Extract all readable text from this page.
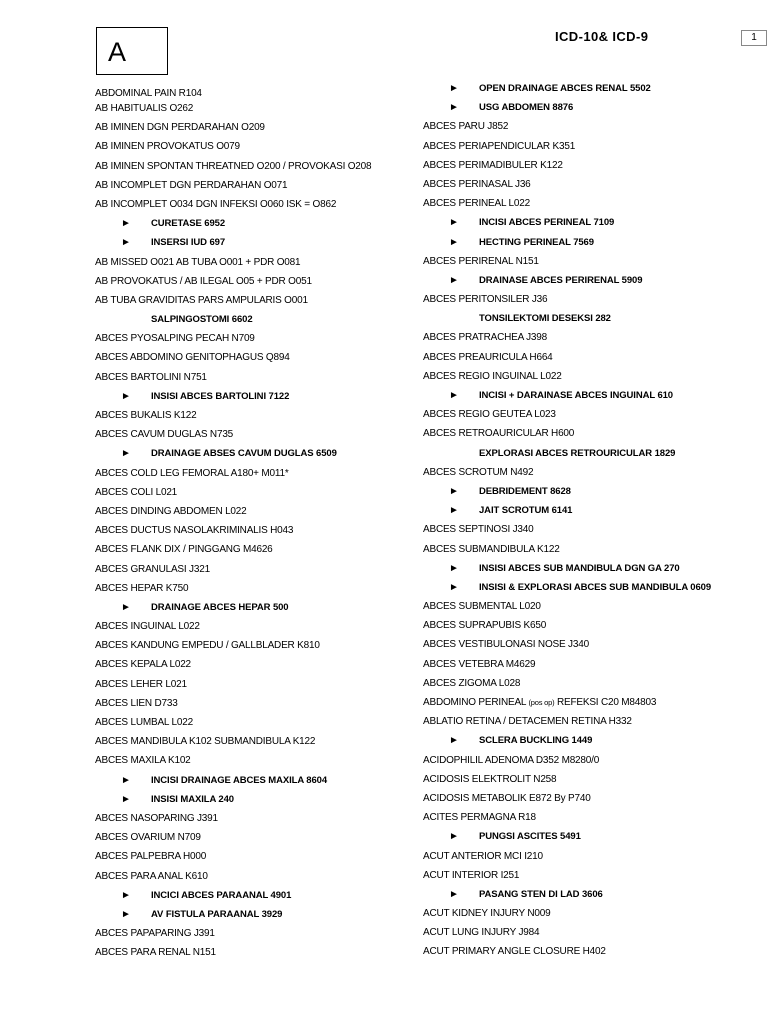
A
ICD-10& ICD-9	1
ABDOMINAL PAIN R104
AB HABITUALIS O262
AB IMINEN DGN PERDARAHAN O209
AB IMINEN PROVOKATUS O079
AB IMINEN SPONTAN THREATNED O200 / PROVOKASI O208
AB INCOMPLET DGN PERDARAHAN O071
AB INCOMPLET O034 DGN INFEKSI O060 ISK = O862
► CURETASE 6952
► INSERSI IUD 697
AB MISSED O021 AB TUBA O001 + PDR O081
AB PROVOKATUS / AB ILEGAL O05 + PDR O051
AB TUBA GRAVIDITAS PARS AMPULARIS O001
SALPINGOSTOMI 6602
ABCES PYOSALPING PECAH N709
ABCES ABDOMINO GENITOPHAGUS Q894
ABCES BARTOLINI N751
► INSISI ABCES BARTOLINI 7122
ABCES BUKALIS K122
ABCES CAVUM DUGLAS N735
► DRAINAGE ABSES CAVUM DUGLAS 6509
ABCES COLD LEG FEMORAL A180+ M011*
ABCES COLI L021
ABCES DINDING ABDOMEN L022
ABCES DUCTUS NASOLAKRIMINALIS H043
ABCES FLANK DIX / PINGGANG M4626
ABCES GRANULASI J321
ABCES HEPAR K750
► DRAINAGE ABCES HEPAR 500
ABCES INGUINAL L022
ABCES KANDUNG EMPEDU / GALLBLADER K810
ABCES KEPALA L022
ABCES LEHER L021
ABCES LIEN D733
ABCES LUMBAL L022
ABCES MANDIBULA K102 SUBMANDIBULA K122
ABCES MAXILA K102
► INCISI DRAINAGE ABCES MAXILA 8604
► INSISI MAXILA 240
ABCES NASOPARING J391
ABCES OVARIUM N709
ABCES PALPEBRA H000
ABCES PARA ANAL K610
► INCICI ABCES PARAANAL 4901
► AV FISTULA PARAANAL 3929
ABCES PAPAPARING J391
ABCES PARA RENAL N151
► OPEN DRAINAGE ABCES RENAL 5502
► USG ABDOMEN 8876
ABCES PARU J852
ABCES PERIAPENDICULAR K351
ABCES PERIMADIBULER K122
ABCES PERINASAL J36
ABCES PERINEAL L022
► INCISI ABCES PERINEAL 7109
► HECTING PERINEAL 7569
ABCES PERIRENAL N151
► DRAINASE ABCES PERIRENAL 5909
ABCES PERITONSILER J36
TONSILEKTOMI DESEKSI 282
ABCES PRATRACHEA J398
ABCES PREAURICULA H664
ABCES REGIO INGUINAL L022
► INCISI + DARAINASE ABCES INGUINAL 610
ABCES REGIO GEUTEA L023
ABCES RETROAURICULAR H600
EXPLORASI ABCES RETROURICULAR 1829
ABCES SCROTUM N492
► DEBRIDEMENT 8628
► JAIT SCROTUM 6141
ABCES SEPTINOSI J340
ABCES SUBMANDIBULA K122
► INSISI ABCES SUB MANDIBULA DGN GA 270
► INSISI & EXPLORASI ABCES SUB MANDIBULA 0609
ABCES SUBMENTAL L020
ABCES SUPRAPUBIS K650
ABCES VESTIBULONASI NOSE J340
ABCES VETEBRA M4629
ABCES ZIGOMA L028
ABDOMINO PERINEAL (pos op) REFEKSI C20 M84803
ABLATIO RETINA / DETACEMEN RETINA H332
► SCLERA BUCKLING 1449
ACIDOPHILIL ADENOMA D352 M8280/0
ACIDOSIS ELEKTROLIT N258
ACIDOSIS METABOLIK E872 By P740
ACITES PERMAGNA R18
► PUNGSI ASCITES 5491
ACUT ANTERIOR MCI I210
ACUT INTERIOR I251
► PASANG STEN DI LAD 3606
ACUT KIDNEY INJURY N009
ACUT LUNG INJURY J984
ACUT PRIMARY ANGLE CLOSURE H402
